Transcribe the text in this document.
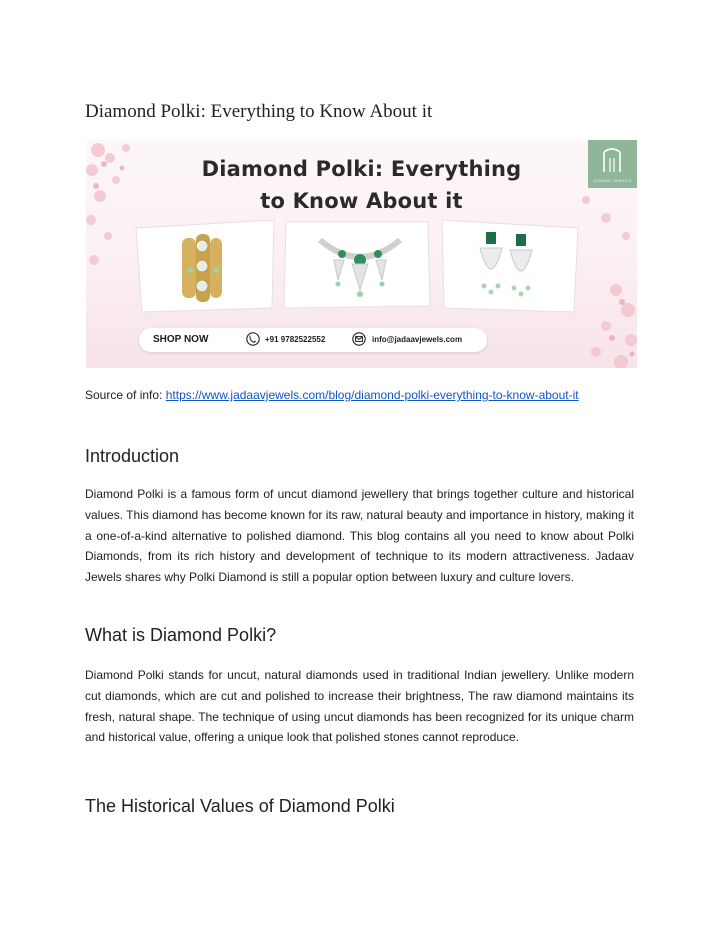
Diamond Polki: Everything to Know About it
Diamond Polki: Everything
to Know About it
JADAAV JEWELS
SHOP NOW	+91 9782522552	info@jadaavjewels.com
Source of info: https://www.jadaavjewels.com/blog/diamond-polki-everything-to-know-about-it
Introduction
Diamond Polki is a famous form of uncut diamond jewellery that brings together culture and historical values. This diamond has become known for its raw, natural beauty and importance in history, making it a one-of-a-kind alternative to polished diamond. This blog contains all you need to know about Polki Diamonds, from its rich history and development of technique to its modern attractiveness. Jadaav Jewels shares why Polki Diamond is still a popular option between luxury and culture lovers.
What is Diamond Polki?
Diamond Polki stands for uncut, natural diamonds used in traditional Indian jewellery. Unlike modern cut diamonds, which are cut and polished to increase their brightness, The raw diamond maintains its fresh, natural shape. The technique of using uncut diamonds has been recognized for its unique charm and historical value, offering a unique look that polished stones cannot reproduce.
The Historical Values of Diamond Polki
